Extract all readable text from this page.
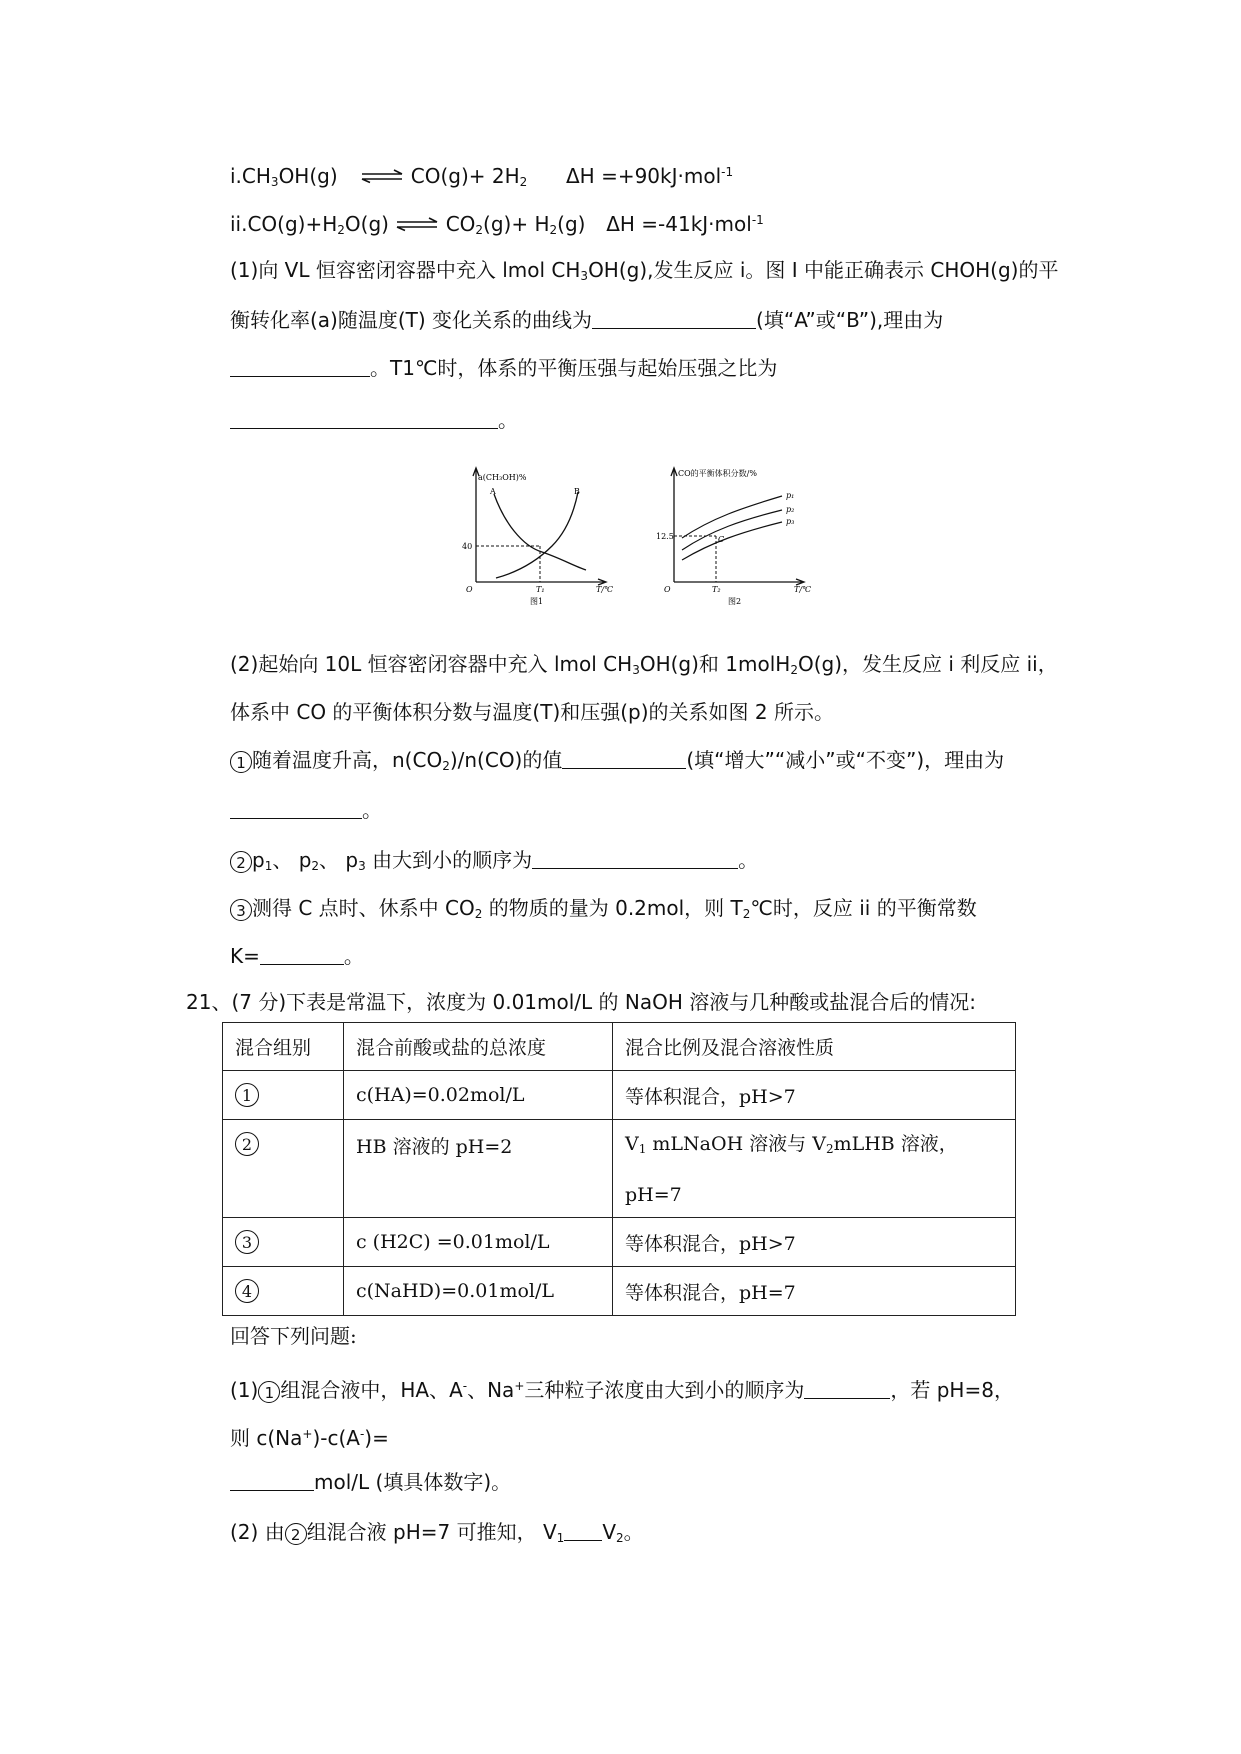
$i.CH_3OH(g)$ ⇌ $CO(g)+ 2H_2$ ΔH =+90kJ·mol$^{-1}$
$ii.CO(g)+H_2O(g)$ ⇌ $CO_2(g)+ H_2(g)$ ΔH =-41kJ·mol$^{-1}$
(1)向 VL 恒容密闭容器中充入 lmol $CH_3OH(g)$,发生反应 i。图 I 中能正确表示 CHOH(g)的平
衡转化率(a)随温度(T) 变化关系的曲线为	(填“A”或“B”),理由为
。T1℃时，体系的平衡压强与起始压强之比为
。
a(CH₃OH)%
A	B
40
O	T₁	T/℃
图1
CO的平衡体积分数/%
p₁
p₂
p₃
12.5	C
O	T₂	T/℃
图2
(2)起始向 10L 恒容密闭容器中充入 lmol $CH_3OH(g)$和 1molH$_2$O(g)，发生反应 i 利反应 ii，
体系中 CO 的平衡体积分数与温度(T)和压强(p)的关系如图 2 所示。
1 随着温度升高，$n(CO_2)/n(CO)$的值	(填“增大”“减小”或“不变”)，理由为
。
2 $p_1$、 $p_2$、 $p_3$ 由大到小的顺序为	。
3 测得 C 点时、休系中 $CO_2$ 的物质的量为 0.2mol，则 $T_2℃$时，反应 ii 的平衡常数
K=	。
21、(7 分)下表是常温下，浓度为 0.01mol/L 的 NaOH 溶液与几种酸或盐混合后的情况:
混合组别	混合前酸或盐的总浓度	混合比例及混合溶液性质
1	c(HA)=0.02mol/L	等体积混合，pH>7
2	HB 溶液的 pH=2	$V_1$ mLNaOH 溶液与 $V_2mLHB$ 溶液，
pH=7

3	c (H2C) =0.01mol/L	等体积混合，pH>7
4	c(NaHD)=0.01mol/L	等体积混合，pH=7
回答下列问题:
(1) 1 组混合液中，HA、A-、Na+三种粒子浓度由大到小的顺序为	，若 pH=8，
则 c(Na+)-c(A-)=
mol/L (填具体数字)。
(2) 由 2 组混合液 pH=7 可推知， $V_1$ $V_2$。
